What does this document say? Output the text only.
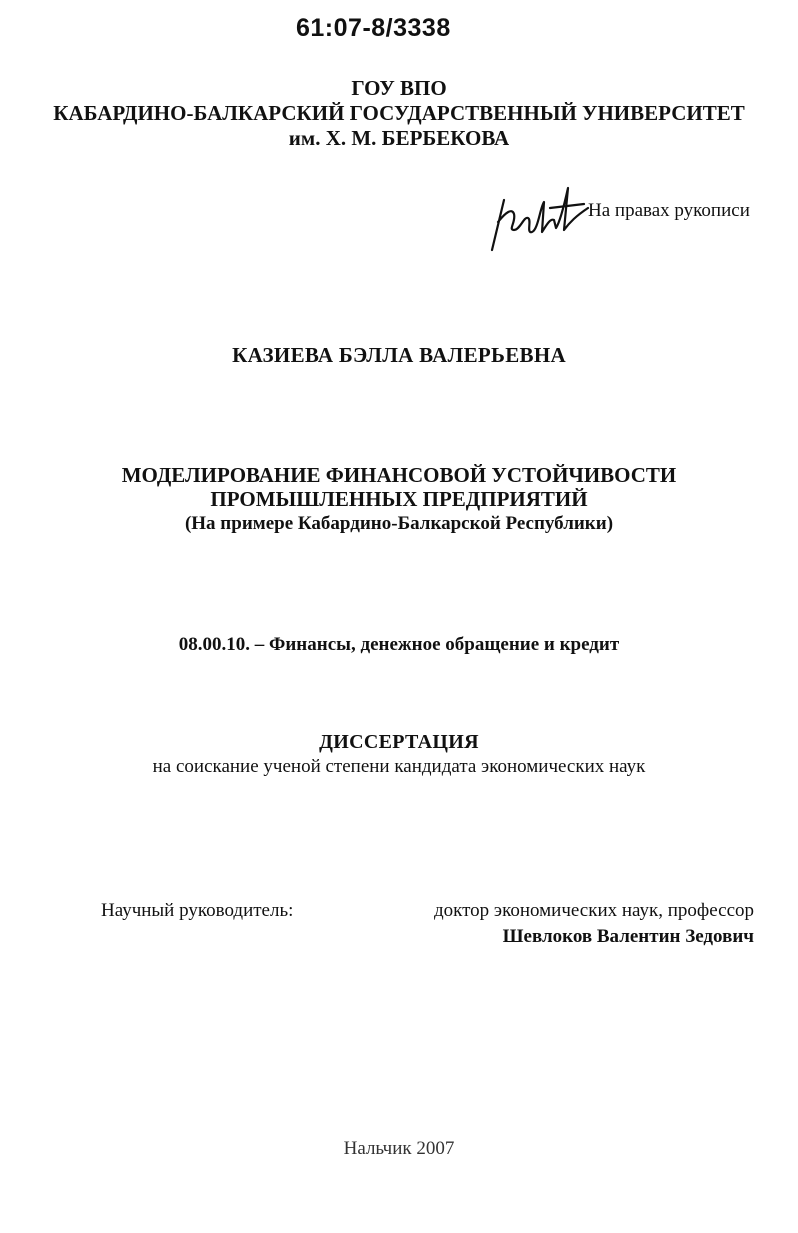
61:07-8/3338
ГОУ ВПО
КАБАРДИНО-БАЛКАРСКИЙ ГОСУДАРСТВЕННЫЙ УНИВЕРСИТЕТ
им. Х. М. БЕРБЕКОВА
На правах рукописи
КАЗИЕВА БЭЛЛА ВАЛЕРЬЕВНА
МОДЕЛИРОВАНИЕ ФИНАНСОВОЙ УСТОЙЧИВОСТИ
ПРОМЫШЛЕННЫХ ПРЕДПРИЯТИЙ
(На примере Кабардино-Балкарской Республики)
08.00.10. – Финансы, денежное обращение и кредит
ДИССЕРТАЦИЯ
на соискание ученой степени кандидата экономических наук
Научный руководитель:	доктор экономических наук, профессор
Шевлоков Валентин Зедович
Нальчик 2007
